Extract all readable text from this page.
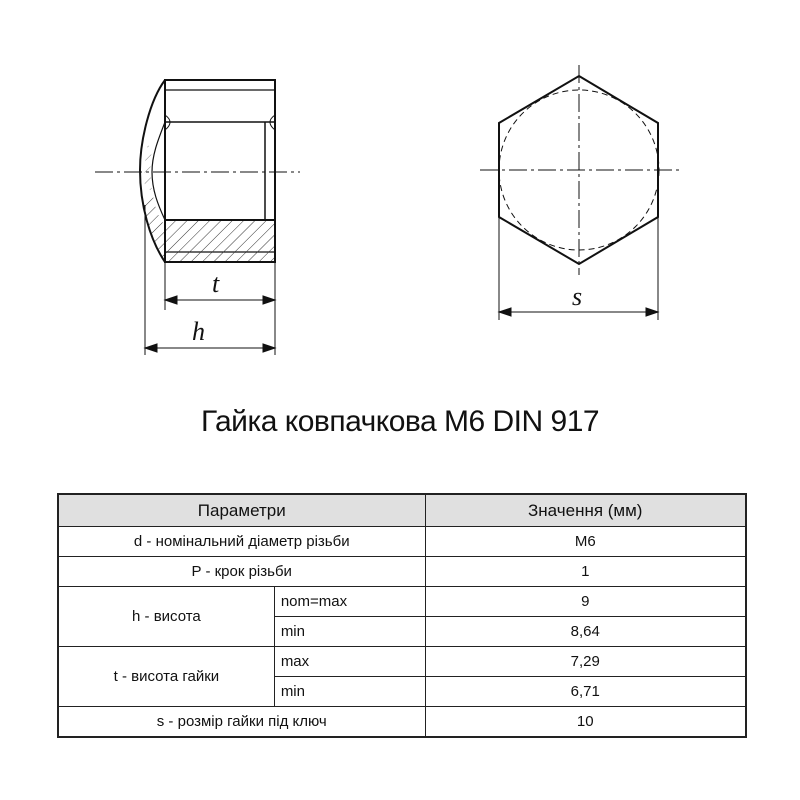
t
h
s
Гайка ковпачкова М6 DIN 917
Параметри		Значення (мм)
d - номінальний діаметр різьби		M6
P - крок різьби		1
h - висота	nom=max	9
	min	8,64
t - висота гайки	max	7,29
	min	6,71
s - розмір гайки під ключ		10
